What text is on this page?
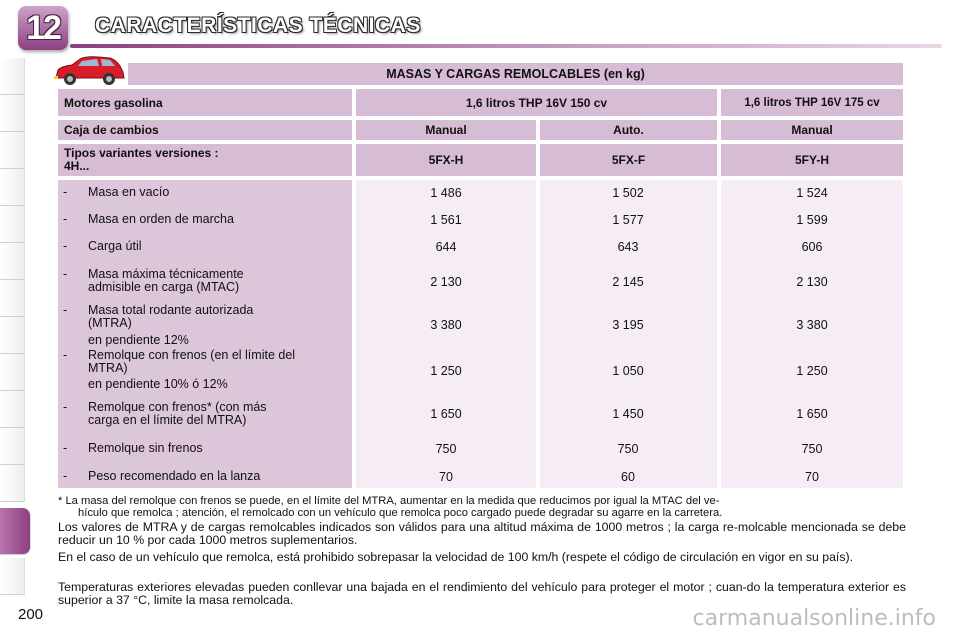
12 CARACTERÍSTICAS TÉCNICAS
MASAS Y CARGAS REMOLCABLES (en kg)
Motores gasolina	1,6 litros THP 16V 150 cv	1,6 litros THP 16V 175 cv
Caja de cambios	Manual	Auto.	Manual
Tipos variantes versiones :
4H...	5FX-H	5FX-F	5FY-H
- Masa en vacío	1 486	1 502	1 524
- Masa en orden de marcha	1 561	1 577	1 599
- Carga útil	644	643	606
- Masa máxima técnicamente
admisible en carga (MTAC)	2 130	2 145	2 130
- Masa total rodante autorizada
(MTRA)
en pendiente 12%
3 380	3 195	3 380
- Remolque con frenos (en el límite del
MTRA)
en pendiente 10% ó 12%
1 250	1 050	1 250
- Remolque con frenos* (con más
carga en el límite del MTRA)	1 650	1 450	1 650
- Remolque sin frenos	750	750	750
- Peso recomendado en la lanza	70	60	70
* La masa del remolque con frenos se puede, en el límite del MTRA, aumentar en la medida que reducimos por igual la MTAC del ve-
hículo que remolca ; atención, el remolcado con un vehículo que remolca poco cargado puede degradar su agarre en la carretera.
Los valores de MTRA y de cargas remolcables indicados son válidos para una altitud máxima de 1000 metros ; la carga re-molcable mencionada se debe reducir un 10 % por cada 1000 metros suplementarios.
En el caso de un vehículo que remolca, está prohibido sobrepasar la velocidad de 100 km/h (respete el código de circulación en vigor en su país).
Temperaturas exteriores elevadas pueden conllevar una bajada en el rendimiento del vehículo para proteger el motor ; cuan-do la temperatura exterior es superior a 37 °C, limite la masa remolcada.
200	carmanualsonline.info
